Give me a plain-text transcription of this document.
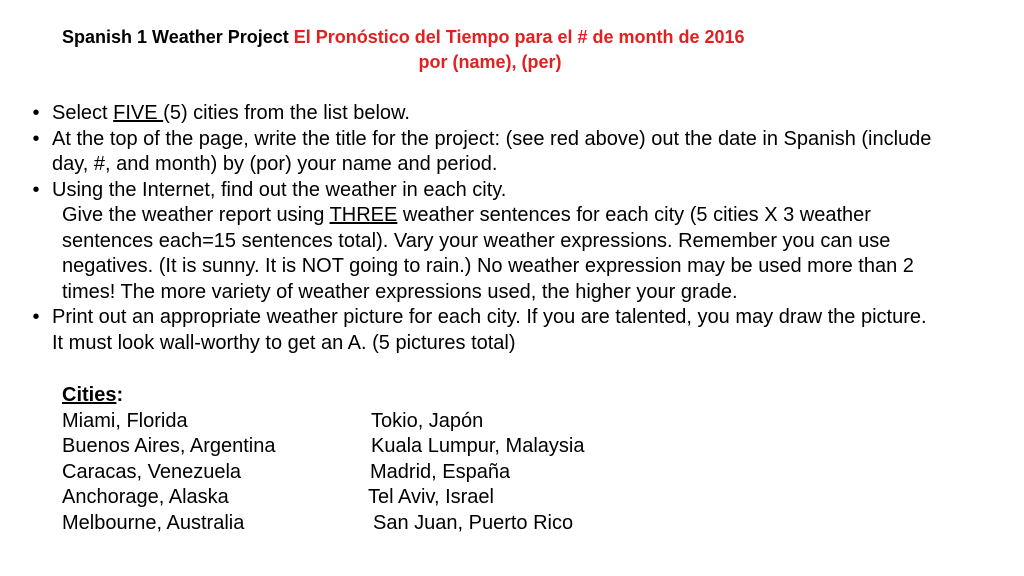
Spanish 1 Weather Project El Pronóstico del Tiempo para el # de month de 2016
por (name), (per)
• Select FIVE (5) cities from the list below.
• At the top of the page, write the title for the project: (see red above) out the date in Spanish (include
day, #, and month) by (por) your name and period.
• Using the Internet, find out the weather in each city.
Give the weather report using THREE weather sentences for each city (5 cities X 3 weather
sentences each=15 sentences total). Vary your weather expressions. Remember you can use
negatives. (It is sunny. It is NOT going to rain.) No weather expression may be used more than 2
times! The more variety of weather expressions used, the higher your grade.
• Print out an appropriate weather picture for each city. If you are talented, you may draw the picture.
It must look wall-worthy to get an A. (5 pictures total)
Cities:
Miami, Florida	Tokio, Japón
Buenos Aires, Argentina	Kuala Lumpur, Malaysia
Caracas, Venezuela	Madrid, España
Anchorage, Alaska	Tel Aviv, Israel
Melbourne, Australia	San Juan, Puerto Rico
